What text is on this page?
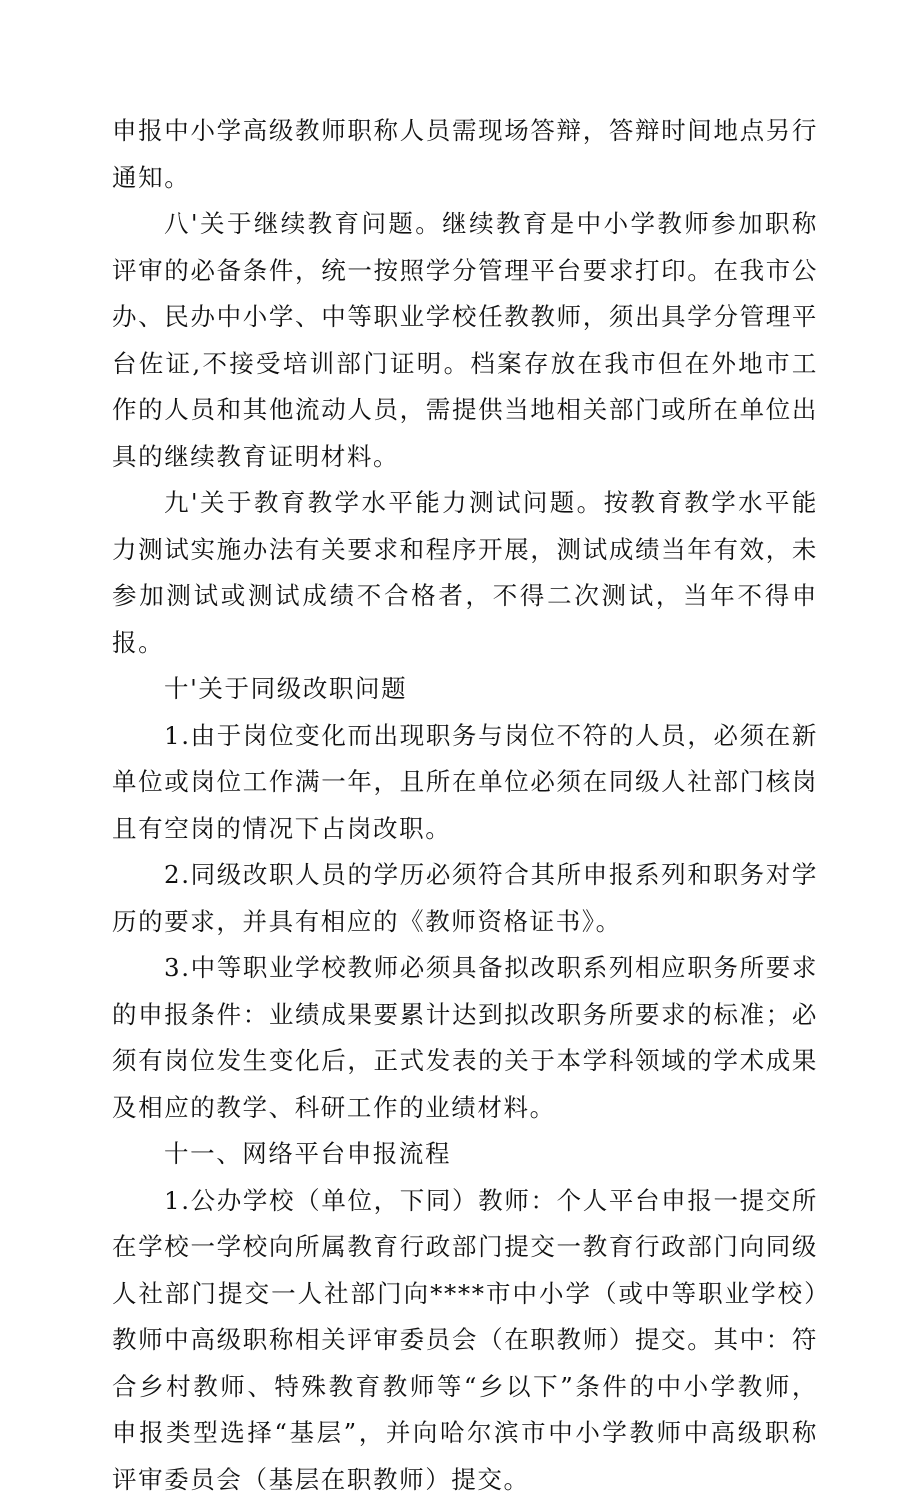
申报中小学高级教师职称人员需现场答辩，答辩时间地点另行通知。

八'关于继续教育问题。继续教育是中小学教师参加职称评审的必备条件，统一按照学分管理平台要求打印。在我市公办、民办中小学、中等职业学校任教教师，须出具学分管理平台佐证,不接受培训部门证明。档案存放在我市但在外地市工作的人员和其他流动人员，需提供当地相关部门或所在单位出具的继续教育证明材料。

九'关于教育教学水平能力测试问题。按教育教学水平能力测试实施办法有关要求和程序开展，测试成绩当年有效，未参加测试或测试成绩不合格者，不得二次测试，当年不得申报。

十'关于同级改职问题

1.由于岗位变化而出现职务与岗位不符的人员，必须在新单位或岗位工作满一年，且所在单位必须在同级人社部门核岗且有空岗的情况下占岗改职。

2.同级改职人员的学历必须符合其所申报系列和职务对学历的要求，并具有相应的《教师资格证书》。

3.中等职业学校教师必须具备拟改职系列相应职务所要求的申报条件：业绩成果要累计达到拟改职务所要求的标准；必须有岗位发生变化后，正式发表的关于本学科领域的学术成果及相应的教学、科研工作的业绩材料。

十一、网络平台申报流程

1.公办学校（单位，下同）教师：个人平台申报一提交所在学校一学校向所属教育行政部门提交一教育行政部门向同级人社部门提交一人社部门向****市中小学（或中等职业学校）教师中高级职称相关评审委员会（在职教师）提交。其中：符合乡村教师、特殊教育教师等“乡以下”条件的中小学教师，申报类型选择“基层”，并向哈尔滨市中小学教师中高级职称评审委员会（基层在职教师）提交。
